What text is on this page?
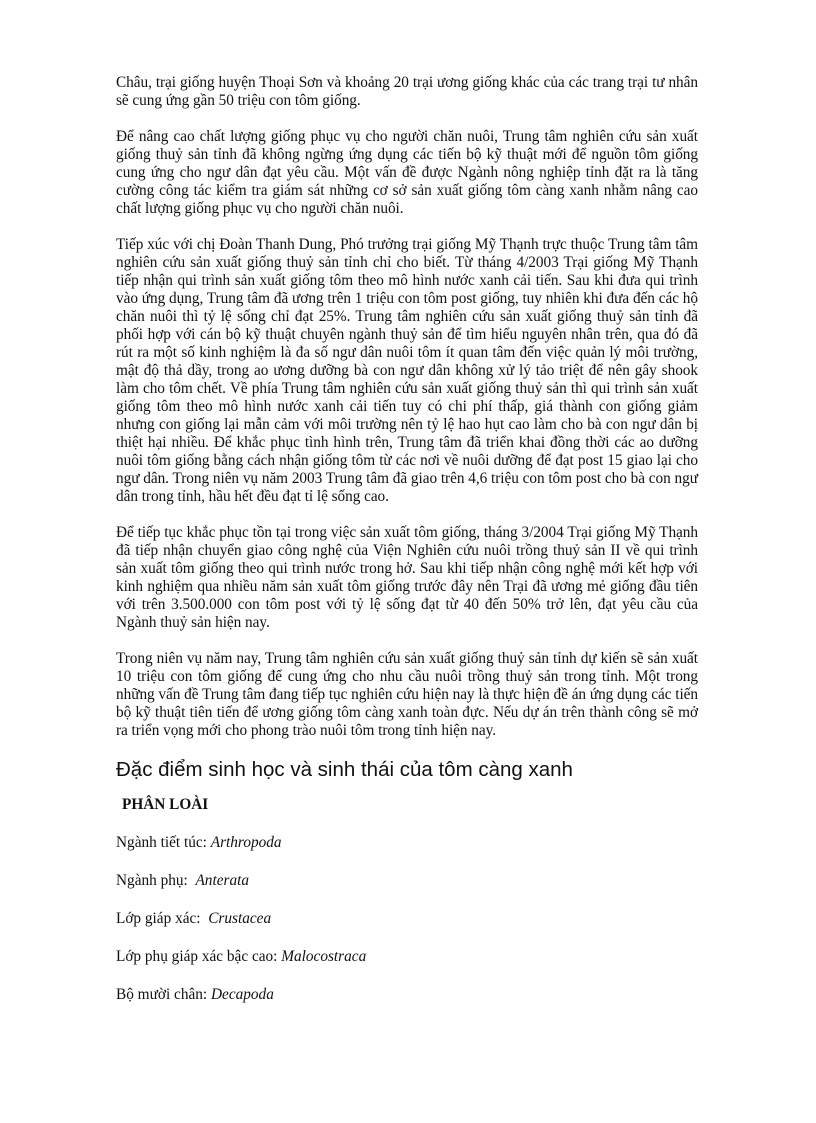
Châu, trại giống huyện Thoại Sơn và khoảng 20 trại ương giống khác của các trang trại tư nhân sẽ cung ứng gần 50 triệu con tôm giống.

Để nâng cao chất lượng giống phục vụ cho người chăn nuôi, Trung tâm nghiên cứu sản xuất giống thuỷ sản tỉnh đã không ngừng ứng dụng các tiến bộ kỹ thuật mới để nguồn tôm giống cung ứng cho ngư dân đạt yêu cầu. Một vấn đề được Ngành nông nghiệp tỉnh đặt ra là tăng cường công tác kiểm tra giám sát những cơ sở sản xuất giống tôm càng xanh nhằm nâng cao chất lượng giống phục vụ cho người chăn nuôi.

Tiếp xúc với chị Đoàn Thanh Dung, Phó trưởng trại giống Mỹ Thạnh trực thuộc Trung tâm tâm nghiên cứu sản xuất giống thuỷ sản tỉnh chỉ cho biết. Từ tháng 4/2003 Trại giống Mỹ Thạnh tiếp nhận qui trình sản xuất giống tôm theo mô hình nước xanh cải tiến. Sau khi đưa qui trình vào ứng dụng, Trung tâm đã ương trên 1 triệu con tôm post giống, tuy nhiên khi đưa đến các hộ chăn nuôi thì tỷ lệ sống chỉ đạt 25%. Trung tâm nghiên cứu sản xuất giống thuỷ sản tỉnh đã phối hợp với cán bộ kỹ thuật chuyên ngành thuỷ sản để tìm hiểu nguyên nhân trên, qua đó đã rút ra một số kinh nghiệm là đa số ngư dân nuôi tôm ít quan tâm đến việc quản lý môi trường, mật độ thả dầy, trong ao ương dưỡng bà con ngư dân không xử lý tảo triệt để nên gây shook làm cho tôm chết. Về phía Trung tâm nghiên cứu sản xuất giống thuỷ sản thì qui trình sản xuất giống tôm theo mô hình nước xanh cải tiến tuy có chi phí thấp, giá thành con giống giảm nhưng con giống lại mẫn cảm với môi trường nên tỷ lệ hao hụt cao làm cho bà con ngư dân bị thiệt hại nhiều. Để khắc phục tình hình trên, Trung tâm đã triển khai đồng thời các ao dưỡng nuôi tôm giống bằng cách nhận giống tôm từ các nơi về nuôi dưỡng để đạt post 15 giao lại cho ngư dân. Trong niên vụ năm 2003 Trung tâm đã giao trên 4,6 triệu con tôm post cho bà con ngư dân trong tỉnh, hầu hết đều đạt tỉ lệ sống cao.

Để tiếp tục khắc phục tồn tại trong việc sản xuất tôm giống, tháng 3/2004 Trại giống Mỹ Thạnh đã tiếp nhận chuyển giao công nghệ của Viện Nghiên cứu nuôi trồng thuỷ sản II về qui trình sản xuất tôm giống theo qui trình nước trong hở. Sau khi tiếp nhận công nghệ mới kết hợp với kinh nghiệm qua nhiều năm sản xuất tôm giống trước đây nên Trại đã ương mẻ giống đầu tiên với trên 3.500.000 con tôm post với tỷ lệ sống đạt từ 40 đến 50% trở lên, đạt yêu cầu của Ngành thuỷ sản hiện nay.

Trong niên vụ năm nay, Trung tâm nghiên cứu sản xuất giống thuỷ sản tỉnh dự kiến sẽ sản xuất 10 triệu con tôm giống để cung ứng cho nhu cầu nuôi trồng thuỷ sản trong tỉnh. Một trong những vấn đề Trung tâm đang tiếp tục nghiên cứu hiện nay là thực hiện đề án ứng dụng các tiến bộ kỹ thuật tiên tiến để ương giống tôm càng xanh toàn đực. Nếu dự án trên thành công sẽ mở ra triển vọng mới cho phong trào nuôi tôm trong tỉnh hiện nay.

Đặc điểm sinh học và sinh thái của tôm càng xanh
PHÂN LOÀI
Ngành tiết túc: Arthropoda
Ngành phụ:  Anterata
Lớp giáp xác:  Crustacea
Lớp phụ giáp xác bậc cao: Malocostraca
Bộ mười chân: Decapoda
